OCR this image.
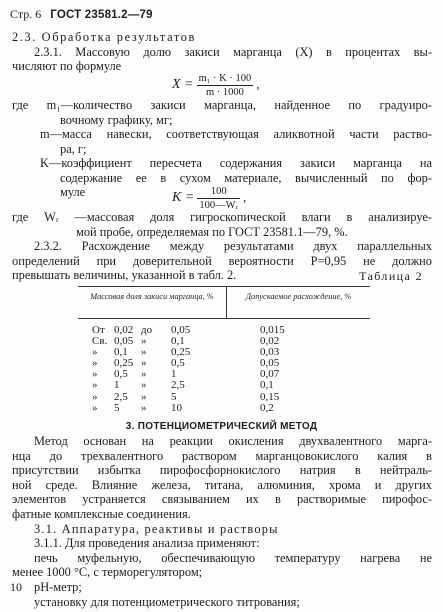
Стр. 6 ГОСТ 23581.2—79
2.3. Обработка результатов
2.3.1. Массовую долю закиси марганца (X) в процентах вы-
числяют по формуле
$X = \frac{\text{m₁ · K · 100}}{m \cdot 1000}$ ,
где m₁—количество закиси марганца, найденное по градуиро-
вочному графику, мг;
m—масса навески, соответствующая аликвотной части раство-
ра, г;
K—коэффициент пересчета содержания закиси марганца на
содержание ее в сухом материале, вычисленный по фор-
муле	$K = \frac{100}{\text{100—Wᵣ}}$ ,
где Wᵣ —массовая доля гигроскопической влаги в анализируе-
мой пробе, определяемая по ГОСТ 23581.1—79, %.
2.3.2. Расхождение между результатами двух параллельных
определений при доверительной вероятности P=0,95 не должно
превышать величины, указанной в табл. 2.	Таблица 2
Массовая доля закиси марганца, %	Допускаемое расхождение, %
От 0,02 до 0,05	0,015
Св. 0,05 » 0,1	0,02
» 0,1 » 0,25	0,03
» 0,25 » 0,5	0,05
» 0,5 » 1	0,07
» 1 » 2,5	0,1
» 2,5 » 5	0,15
» 5 » 10	0,2
3. ПОТЕНЦИОМЕТРИЧЕСКИЙ МЕТОД
Метод основан на реакции окисления двухвалентного маргa-
нца до трехвалентного раствором марганцовокислого калия в
присутствии избытка пирофосфорнокислого натрия в нейтраль-
ной среде. Влияние железа, титана, алюминия, хрома и других
элементов устраняется связыванием их в растворимые пирофос-
фатные комплексные соединения.
3.1. Аппаратура, реактивы и растворы
3.1.1. Для проведения анализа применяют:
печь муфельную, обеспечивающую температуру нагрева не
менее 1000 °С, с терморегулятором;
рН-метр;
установку для потенциометрического титрования;
10
